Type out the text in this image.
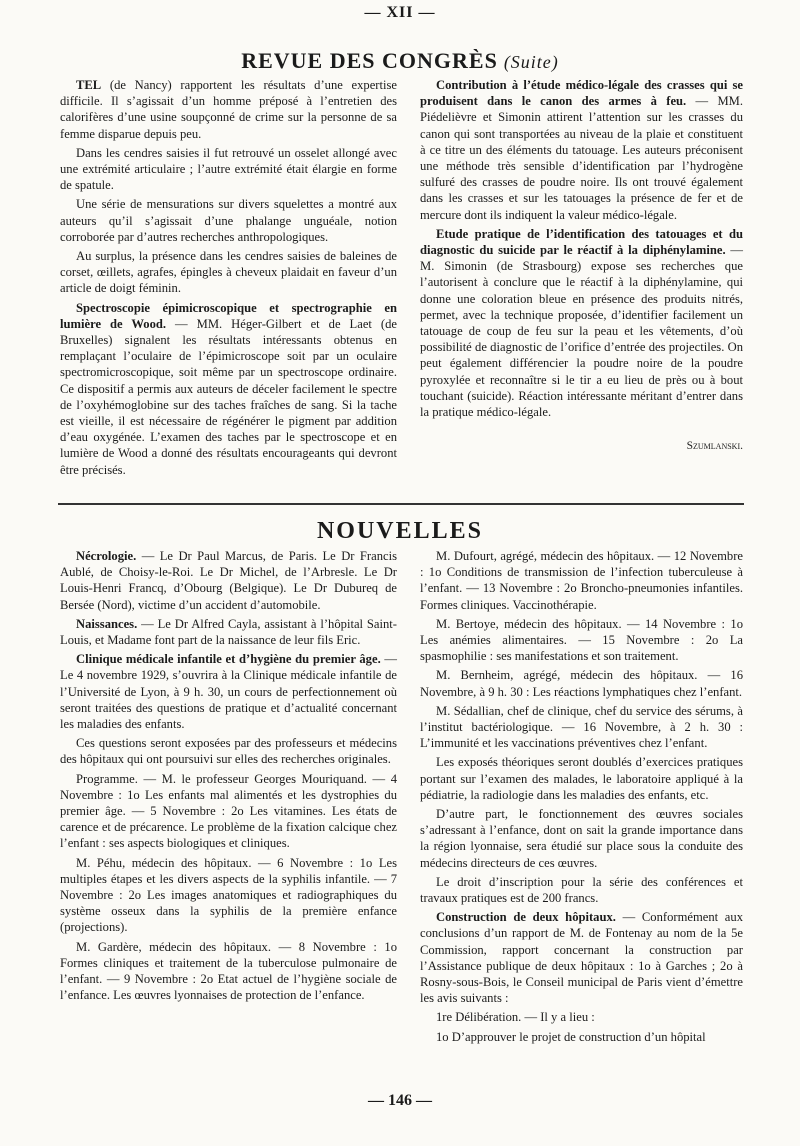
— XII —
REVUE DES CONGRÈS (Suite)

TEL (de Nancy) rapportent les résultats d’une expertise difficile. Il s’agissait d’un homme préposé à l’entretien des calorifères d’une usine soupçonné de crime sur la personne de sa femme disparue depuis peu.

Dans les cendres saisies il fut retrouvé un osselet allongé avec une extrémité articulaire ; l’autre extrémité était élargie en forme de spatule.

Une série de mensurations sur divers squelettes a montré aux auteurs qu’il s’agissait d’une phalange unguéale, notion corroborée par d’autres recherches anthropologiques.

Au surplus, la présence dans les cendres saisies de baleines de corset, œillets, agrafes, épingles à cheveux plaidait en faveur d’un article de doigt féminin.

Spectroscopie épimicroscopique et spectrographie en lumière de Wood. — MM. Héger-Gilbert et de Laet (de Bruxelles) signalent les résultats intéressants obtenus en remplaçant l’oculaire de l’épimicroscope soit par un oculaire spectromicroscopique, soit même par un spectroscope ordinaire. Ce dispositif a permis aux auteurs de déceler facilement le spectre de l’oxyhémoglobine sur des taches fraîches de sang. Si la tache est vieille, il est nécessaire de régénérer le pigment par addition d’eau oxygénée. L’examen des taches par le spectroscope et en lumière de Wood a donné des résultats encourageants qui devront être précisés.

Contribution à l’étude médico-légale des crasses qui se produisent dans le canon des armes à feu. — MM. Piédelièvre et Simonin attirent l’attention sur les crasses du canon qui sont transportées au niveau de la plaie et constituent à ce titre un des éléments du tatouage. Les auteurs préconisent une méthode très sensible d’identification par l’hydrogène sulfuré des crasses de poudre noire. Ils ont trouvé également dans les crasses et sur les tatouages la présence de fer et de mercure dont ils indiquent la valeur médico-légale.

Etude pratique de l’identification des tatouages et du diagnostic du suicide par le réactif à la diphénylamine. — M. Simonin (de Strasbourg) expose ses recherches que l’autorisent à conclure que le réactif à la diphénylamine, qui donne une coloration bleue en présence des produits nitrés, permet, avec la technique proposée, d’identifier facilement un tatouage de coup de feu sur la peau et les vêtements, d’où possibilité de diagnostic de l’orifice d’entrée des projectiles. On peut également différencier la poudre noire de la poudre pyroxylée et reconnaître si le tir a eu lieu de près ou à bout touchant (suicide). Réaction intéressante méritant d’entrer dans la pratique médico-légale.

Szumlanski.
NOUVELLES

Nécrologie. — Le Dr Paul Marcus, de Paris. Le Dr Francis Aublé, de Choisy-le-Roi. Le Dr Michel, de l’Arbresle. Le Dr Louis-Henri Francq, d’Obourg (Belgique). Le Dr Dubureq de Bersée (Nord), victime d’un accident d’automobile.

Naissances. — Le Dr Alfred Cayla, assistant à l’hôpital Saint-Louis, et Madame font part de la naissance de leur fils Eric.

Clinique médicale infantile et d’hygiène du premier âge. — Le 4 novembre 1929, s’ouvrira à la Clinique médicale infantile de l’Université de Lyon, à 9 h. 30, un cours de perfectionnement où seront traitées des questions de pratique et d’actualité concernant les maladies des enfants.

Ces questions seront exposées par des professeurs et médecins des hôpitaux qui ont poursuivi sur elles des recherches originales.

Programme. — M. le professeur Georges Mouriquand. — 4 Novembre : 1o Les enfants mal alimentés et les dystrophies du premier âge. — 5 Novembre : 2o Les vitamines. Les états de carence et de précarence. Le problème de la fixation calcique chez l’enfant : ses aspects biologiques et cliniques.

M. Péhu, médecin des hôpitaux. — 6 Novembre : 1o Les multiples étapes et les divers aspects de la syphilis infantile. — 7 Novembre : 2o Les images anatomiques et radiographiques du système osseux dans la syphilis de la première enfance (projections).

M. Gardère, médecin des hôpitaux. — 8 Novembre : 1o Formes cliniques et traitement de la tuberculose pulmonaire de l’enfant. — 9 Novembre : 2o Etat actuel de l’hygiène sociale de l’enfance. Les œuvres lyonnaises de protection de l’enfance.

M. Dufourt, agrégé, médecin des hôpitaux. — 12 Novembre : 1o Conditions de transmission de l’infection tuberculeuse à l’enfant. — 13 Novembre : 2o Broncho-pneumonies infantiles. Formes cliniques. Vaccinothérapie.

M. Bertoye, médecin des hôpitaux. — 14 Novembre : 1o Les anémies alimentaires. — 15 Novembre : 2o La spasmophilie : ses manifestations et son traitement.

M. Bernheim, agrégé, médecin des hôpitaux. — 16 Novembre, à 9 h. 30 : Les réactions lymphatiques chez l’enfant.

M. Sédallian, chef de clinique, chef du service des sérums, à l’institut bactériologique. — 16 Novembre, à 2 h. 30 : L’immunité et les vaccinations préventives chez l’enfant.

Les exposés théoriques seront doublés d’exercices pratiques portant sur l’examen des malades, le laboratoire appliqué à la pédiatrie, la radiologie dans les maladies des enfants, etc.

D’autre part, le fonctionnement des œuvres sociales s’adressant à l’enfance, dont on sait la grande importance dans la région lyonnaise, sera étudié sur place sous la conduite des médecins directeurs de ces œuvres.

Le droit d’inscription pour la série des conférences et travaux pratiques est de 200 francs.

Construction de deux hôpitaux. — Conformément aux conclusions d’un rapport de M. de Fontenay au nom de la 5e Commission, rapport concernant la construction par l’Assistance publique de deux hôpitaux : 1o à Garches ; 2o à Rosny-sous-Bois, le Conseil municipal de Paris vient d’émettre les avis suivants :

1re Délibération. — Il y a lieu :

1o D’approuver le projet de construction d’un hôpital

— 146 —
